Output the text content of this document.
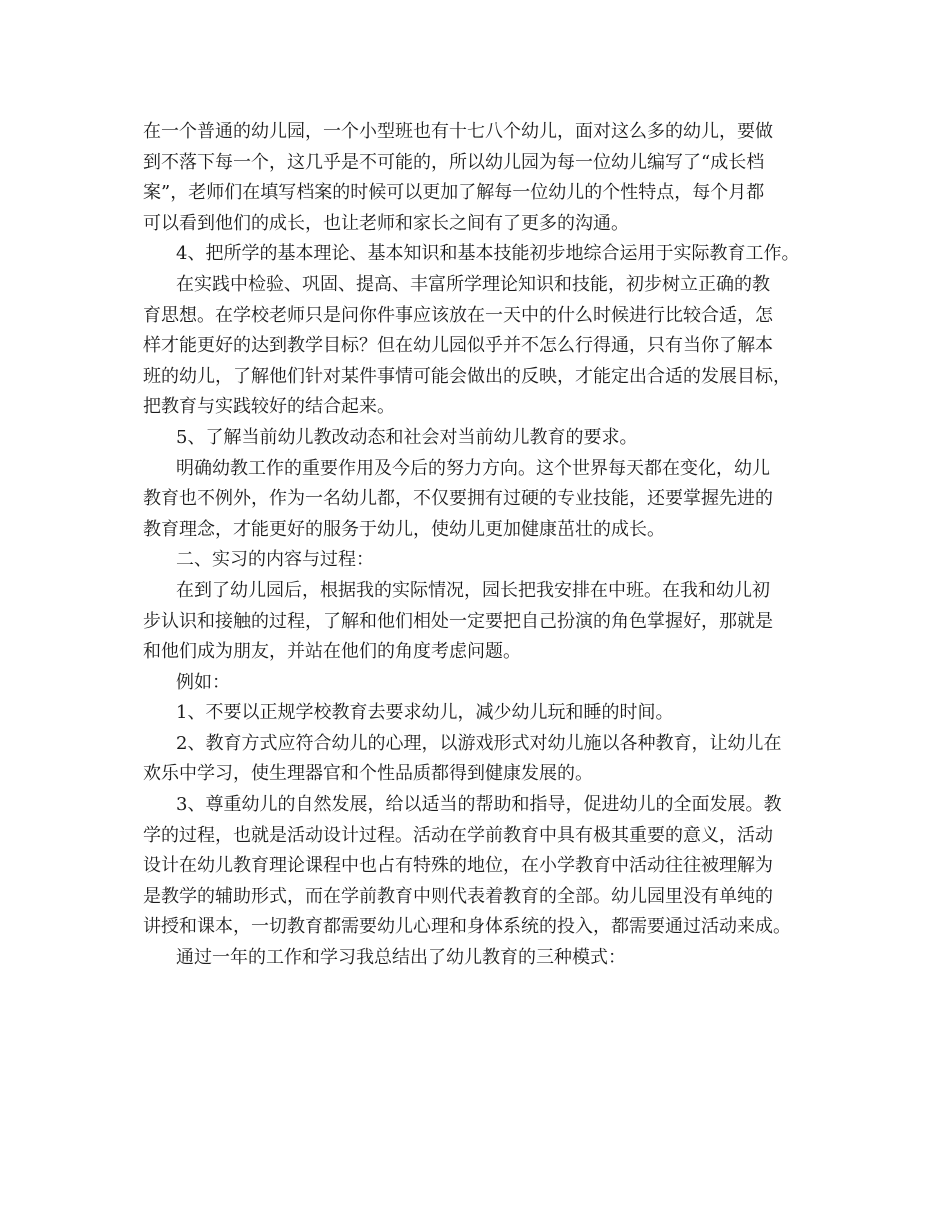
在一个普通的幼儿园，一个小型班也有十七八个幼儿，面对这么多的幼儿，要做
到不落下每一个，这几乎是不可能的，所以幼儿园为每一位幼儿编写了“成长档
案”，老师们在填写档案的时候可以更加了解每一位幼儿的个性特点，每个月都
可以看到他们的成长，也让老师和家长之间有了更多的沟通。

4、把所学的基本理论、基本知识和基本技能初步地综合运用于实际教育工作。

在实践中检验、巩固、提高、丰富所学理论知识和技能，初步树立正确的教
育思想。在学校老师只是问你件事应该放在一天中的什么时候进行比较合适，怎
样才能更好的达到教学目标？但在幼儿园似乎并不怎么行得通，只有当你了解本
班的幼儿，了解他们针对某件事情可能会做出的反映，才能定出合适的发展目标，
把教育与实践较好的结合起来。

5、了解当前幼儿教改动态和社会对当前幼儿教育的要求。

明确幼教工作的重要作用及今后的努力方向。这个世界每天都在变化，幼儿
教育也不例外，作为一名幼儿都，不仅要拥有过硬的专业技能，还要掌握先进的
教育理念，才能更好的服务于幼儿，使幼儿更加健康茁壮的成长。

二、实习的内容与过程：

在到了幼儿园后，根据我的实际情况，园长把我安排在中班。在我和幼儿初
步认识和接触的过程，了解和他们相处一定要把自己扮演的角色掌握好，那就是
和他们成为朋友，并站在他们的角度考虑问题。

例如：

1、不要以正规学校教育去要求幼儿，减少幼儿玩和睡的时间。

2、教育方式应符合幼儿的心理，以游戏形式对幼儿施以各种教育，让幼儿在
欢乐中学习，使生理器官和个性品质都得到健康发展的。

3、尊重幼儿的自然发展，给以适当的帮助和指导，促进幼儿的全面发展。教
学的过程，也就是活动设计过程。活动在学前教育中具有极其重要的意义，活动
设计在幼儿教育理论课程中也占有特殊的地位，在小学教育中活动往往被理解为
是教学的辅助形式，而在学前教育中则代表着教育的全部。幼儿园里没有单纯的
讲授和课本，一切教育都需要幼儿心理和身体系统的投入，都需要通过活动来成。

通过一年的工作和学习我总结出了幼儿教育的三种模式：
